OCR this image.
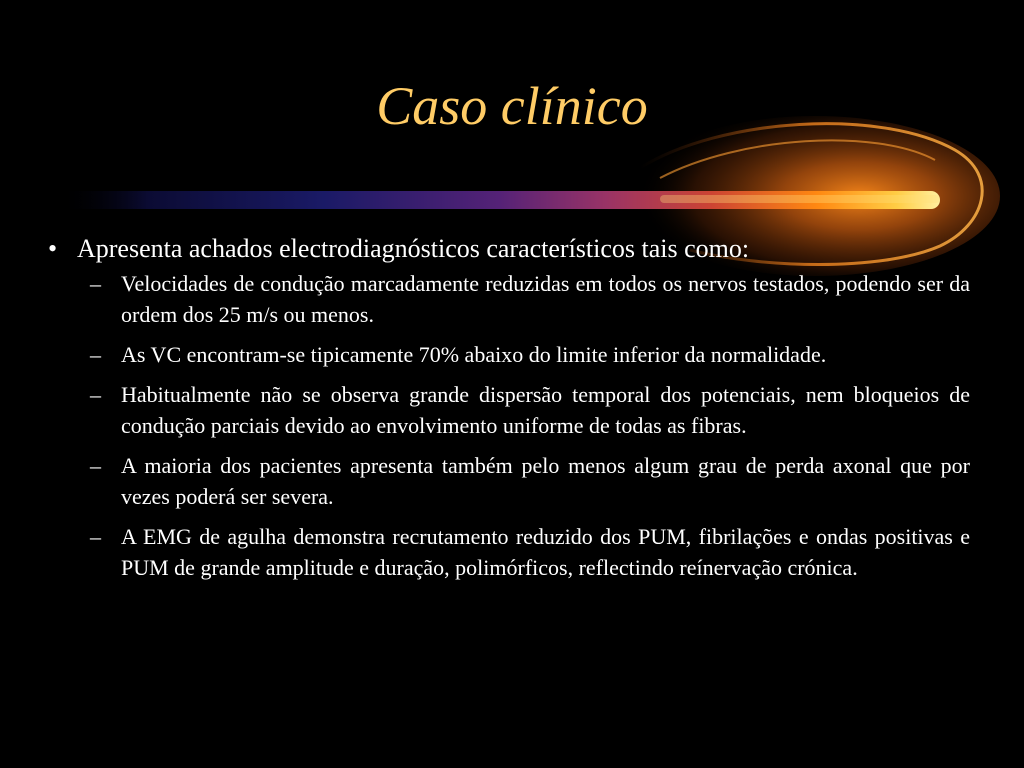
Caso clínico
• Apresenta achados electrodiagnósticos característicos tais como:
– Velocidades de condução marcadamente reduzidas em todos os nervos testados, podendo ser da ordem dos 25 m/s ou menos.
– As VC encontram-se tipicamente 70% abaixo do limite inferior da normalidade.
– Habitualmente não se observa grande dispersão temporal dos potenciais, nem bloqueios de condução parciais devido ao envolvimento uniforme de todas as fibras.
– A maioria dos pacientes apresenta também pelo menos algum grau de perda axonal que por vezes poderá ser severa.
– A EMG de agulha demonstra recrutamento reduzido dos PUM, fibrilações e ondas positivas e PUM de grande amplitude e duração, polimórficos, reflectindo reínervação crónica.
